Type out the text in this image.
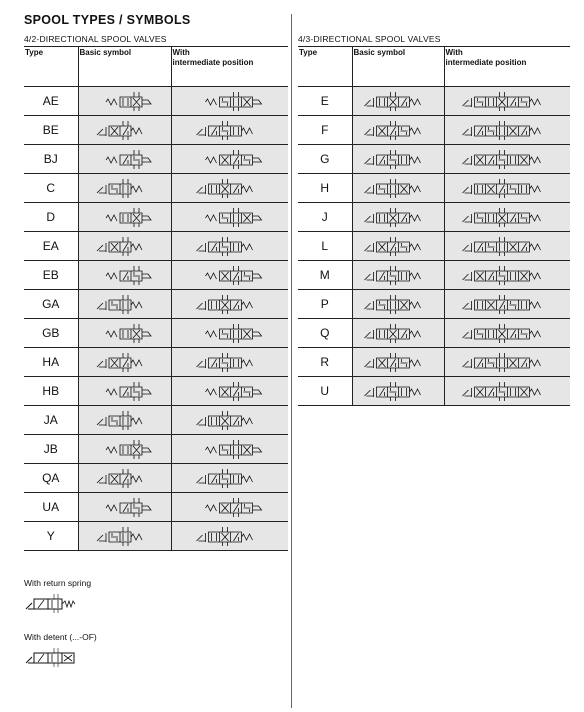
SPOOL TYPES / SYMBOLS
4/2-DIRECTIONAL SPOOL VALVES
Type	Basic symbol	With
intermediate position
AE	

BE	

BJ	

C	

D	

EA	

EB	

GA	

GB	

HA	

HB	

JA	

JB	

QA	

UA	

Y	

4/3-DIRECTIONAL SPOOL VALVES
Type	Basic symbol	With
intermediate position
E	

F	

G	

H	

J	

L	

M	

P	

Q	

R	

U	

With return spring
With detent (...-OF)
